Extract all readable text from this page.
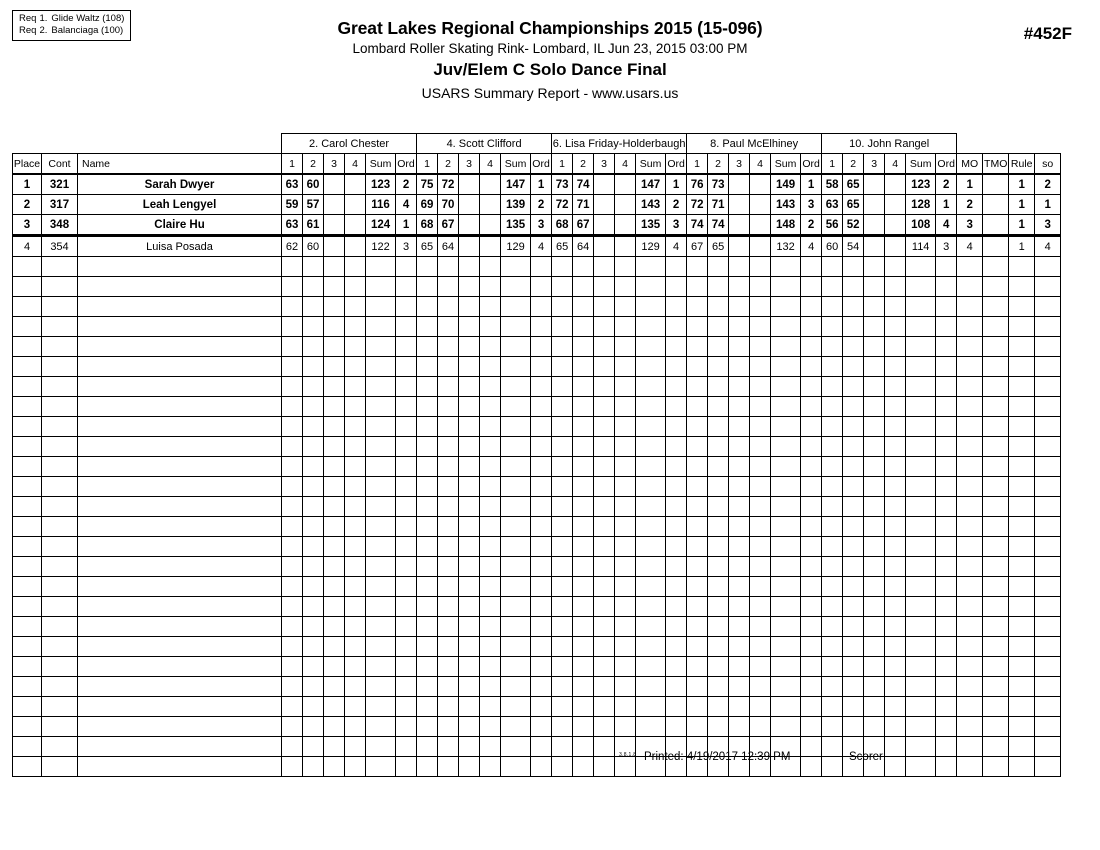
Req 1. Glide Waltz (108)
Req 2. Balanciaga (100)	Great Lakes Regional Championships 2015 (15-096)
Lombard Roller Skating Rink- Lombard, IL Jun 23, 2015 03:00 PM
Juv/Elem C Solo Dance Final
USARS Summary Report - www.usars.us
#452F
			2. Carol Chester						4. Scott Clifford						6. Lisa Friday-Holderbaugh						8. Paul McElhiney						10. John Rangel									
Place	Cont	Name	1	2	3	4	Sum	Ord	1	2	3	4	Sum	Ord	1	2	3	4	Sum	Ord	1	2	3	4	Sum	Ord	1	2	3	4	Sum	Ord	MO	TMO	Rule	so
1	321	Sarah Dwyer	63	60			123	2	75	72			147	1	73	74			147	1	76	73			149	1	58	65			123	2	1		1	2
2	317	Leah Lengyel	59	57			116	4	69	70			139	2	72	71			143	2	72	71			143	3	63	65			128	1	2		1	1
3	348	Claire Hu	63	61			124	1	68	67			135	3	68	67			135	3	74	74			148	2	56	52			108	4	3		1	3
4	354	Luisa Posada	62	60			122	3	65	64			129	4	65	64			129	4	67	65			132	4	60	54			114	3	4		1	4

3.8.1.8 Printed: 4/19/2017 12:39 PM	Scorer:
